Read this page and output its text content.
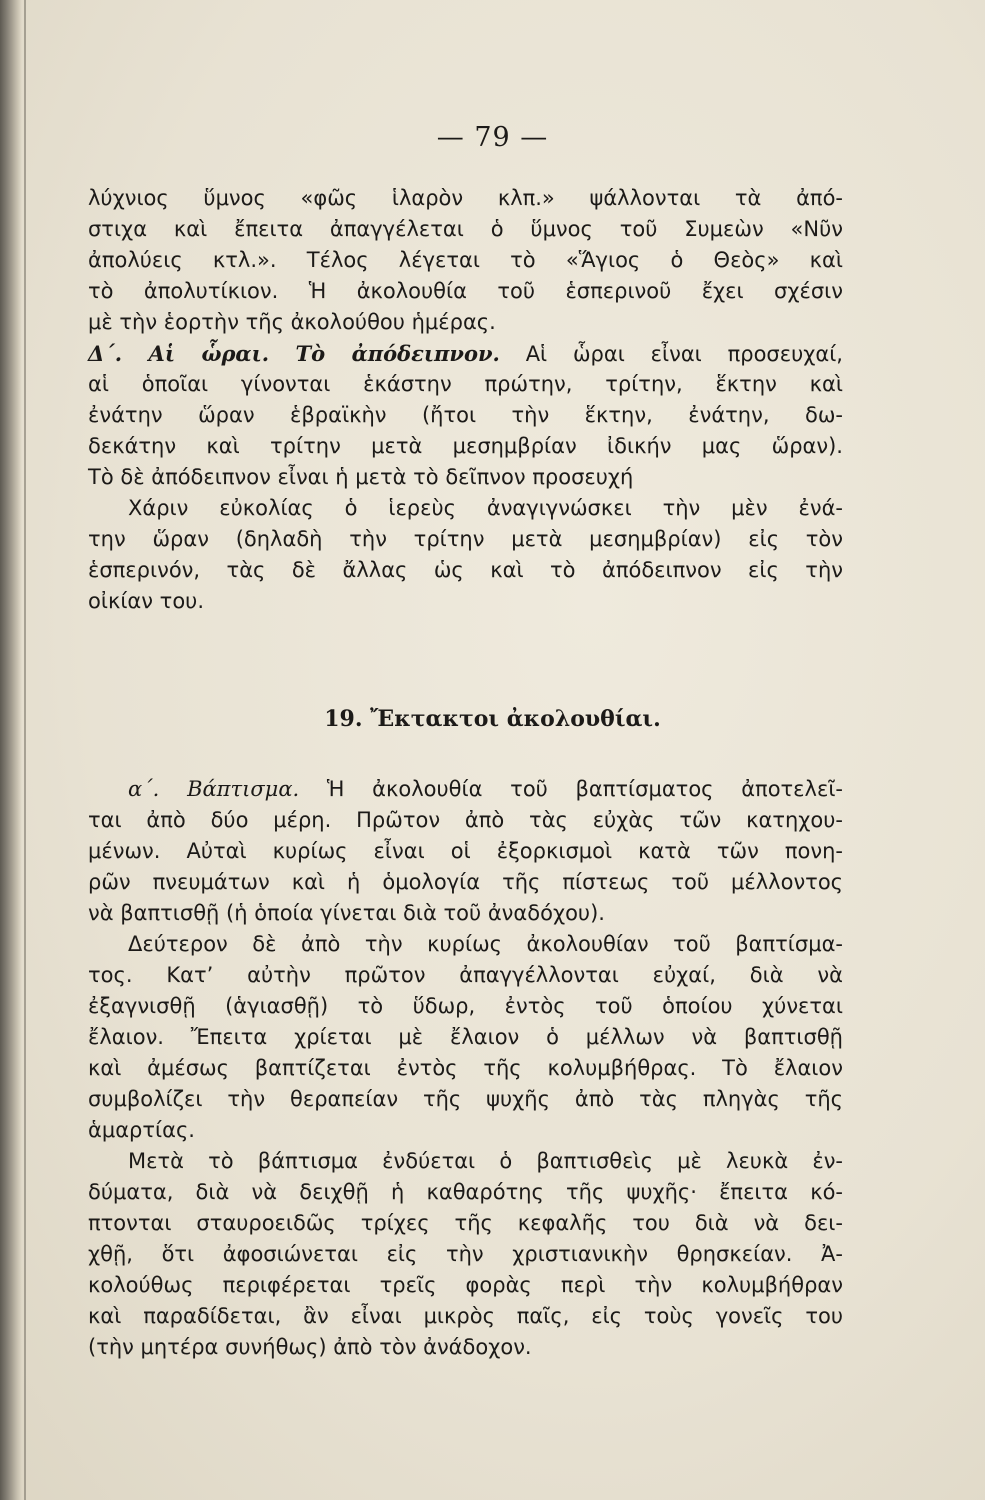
— 79 —
λύχνιος ὕμνος «φῶς ἱλαρὸν κλπ.» ψάλλονται τὰ ἀπό-
στιχα καὶ ἔπειτα ἀπαγγέλεται ὁ ὕμνος τοῦ Συμεὼν «Νῦν
ἀπολύεις κτλ.». Τέλος λέγεται τὸ «Ἅγιος ὁ Θεὸς» καὶ
τὸ ἀπολυτίκιον. Ἡ ἀκολουθία τοῦ ἑσπερινοῦ ἔχει σχέσιν
μὲ τὴν ἑορτὴν τῆς ἀκολούθου ἡμέρας.
Δ΄. Αἱ ὧραι. Τὸ ἀπόδειπνον. Αἱ ὧραι εἶναι προσευχαί,
αἱ ὁποῖαι γίνονται ἑκάστην πρώτην, τρίτην, ἕκτην καὶ
ἐνάτην ὥραν ἑβραϊκὴν (ἤτοι τὴν ἕκτην, ἐνάτην, δω-
δεκάτην καὶ τρίτην μετὰ μεσημβρίαν ἰδικήν μας ὥραν).
Τὸ δὲ ἀπόδειπνον εἶναι ἡ μετὰ τὸ δεῖπνον προσευχή
Χάριν εὐκολίας ὁ ἱερεὺς ἀναγιγνώσκει τὴν μὲν ἐνά-
την ὥραν (δηλαδὴ τὴν τρίτην μετὰ μεσημβρίαν) εἰς τὸν
ἑσπερινόν, τὰς δὲ ἄλλας ὡς καὶ τὸ ἀπόδειπνον εἰς τὴν
οἰκίαν του.
19. Ἔκτακτοι ἀκολουθίαι.
α΄. Βάπτισμα. Ἡ ἀκολουθία τοῦ βαπτίσματος ἀποτελεῖ-
ται ἀπὸ δύο μέρη. Πρῶτον ἀπὸ τὰς εὐχὰς τῶν κατηχου-
μένων. Αὐταὶ κυρίως εἶναι οἱ ἐξορκισμοὶ κατὰ τῶν πονη-
ρῶν πνευμάτων καὶ ἡ ὁμολογία τῆς πίστεως τοῦ μέλλοντος
νὰ βαπτισθῇ (ἡ ὁποία γίνεται διὰ τοῦ ἀναδόχου).
Δεύτερον δὲ ἀπὸ τὴν κυρίως ἀκολουθίαν τοῦ βαπτίσμα-
τος. Κατ’ αὐτὴν πρῶτον ἀπαγγέλλονται εὐχαί, διὰ νὰ
ἐξαγνισθῇ (ἁγιασθῇ) τὸ ὕδωρ, ἐντὸς τοῦ ὁποίου χύνεται
ἔλαιον. Ἔπειτα χρίεται μὲ ἔλαιον ὁ μέλλων νὰ βαπτισθῇ
καὶ ἀμέσως βαπτίζεται ἐντὸς τῆς κολυμβήθρας. Τὸ ἔλαιον
συμβολίζει τὴν θεραπείαν τῆς ψυχῆς ἀπὸ τὰς πληγὰς τῆς
ἁμαρτίας.
Μετὰ τὸ βάπτισμα ἐνδύεται ὁ βαπτισθεὶς μὲ λευκὰ ἐν-
δύματα, διὰ νὰ δειχθῇ ἡ καθαρότης τῆς ψυχῆς· ἔπειτα κό-
πτονται σταυροειδῶς τρίχες τῆς κεφαλῆς του διὰ νὰ δει-
χθῇ, ὅτι ἀφοσιώνεται εἰς τὴν χριστιανικὴν θρησκείαν. Ἀ-
κολούθως περιφέρεται τρεῖς φορὰς περὶ τὴν κολυμβήθραν
καὶ παραδίδεται, ἂν εἶναι μικρὸς παῖς, εἰς τοὺς γονεῖς του
(τὴν μητέρα συνήθως) ἀπὸ τὸν ἀνάδοχον.
